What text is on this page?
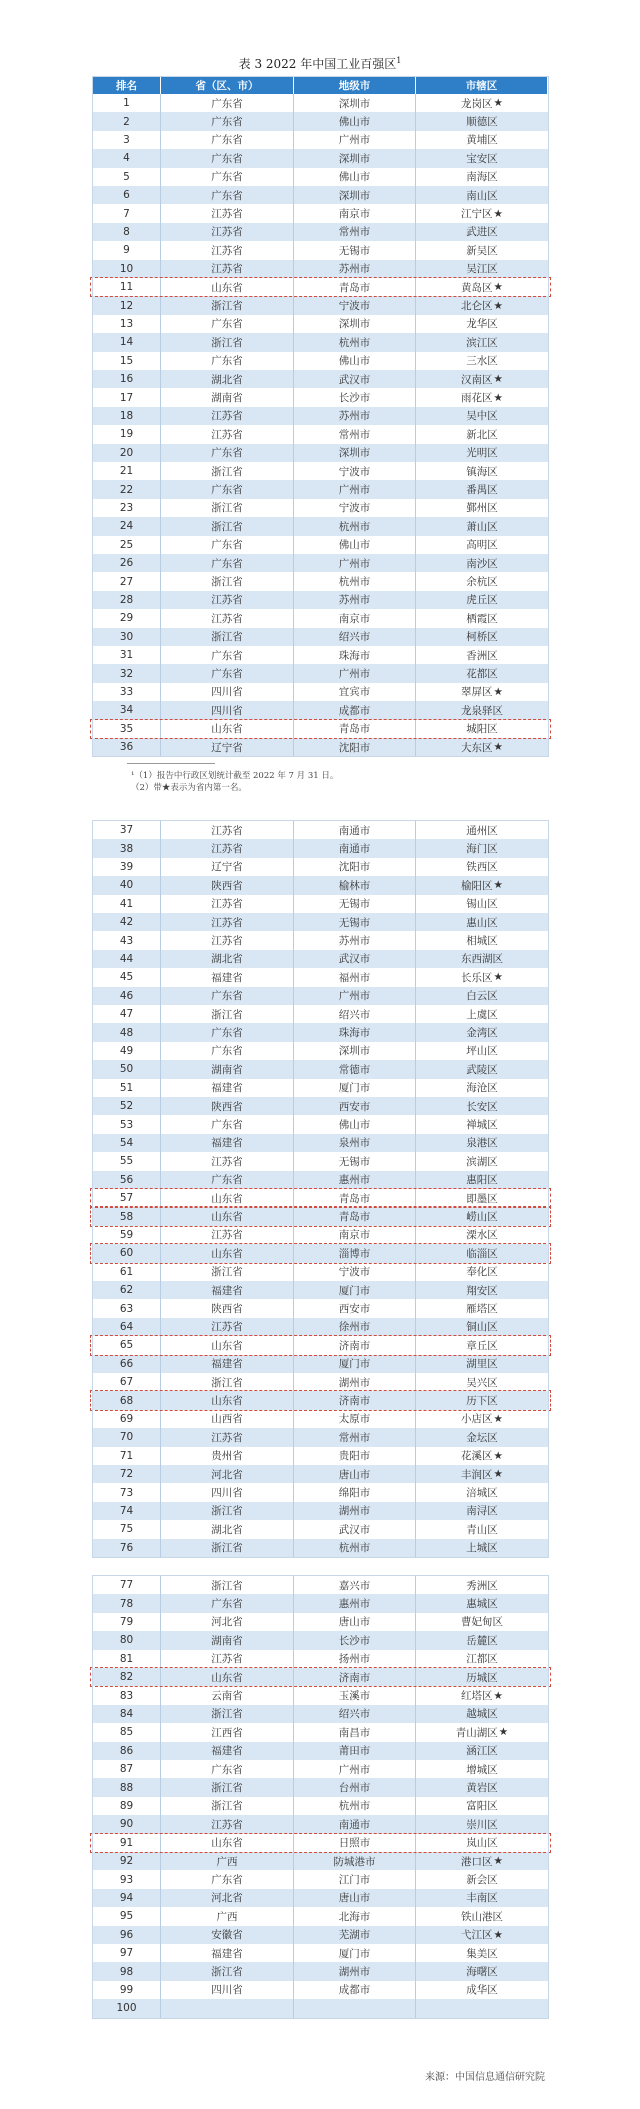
表 3 2022 年中国工业百强区$^1$
排名	省（区、市）	地级市	市辖区
1	广东省	深圳市	龙岗区 ★
2	广东省	佛山市	顺德区
3	广东省	广州市	黄埔区
4	广东省	深圳市	宝安区
5	广东省	佛山市	南海区
6	广东省	深圳市	南山区
7	江苏省	南京市	江宁区 ★
8	江苏省	常州市	武进区
9	江苏省	无锡市	新吴区
10	江苏省	苏州市	吴江区
11	山东省	青岛市	黄岛区 ★
12	浙江省	宁波市	北仑区 ★
13	广东省	深圳市	龙华区
14	浙江省	杭州市	滨江区
15	广东省	佛山市	三水区
16	湖北省	武汉市	汉南区 ★
17	湖南省	长沙市	雨花区 ★
18	江苏省	苏州市	吴中区
19	江苏省	常州市	新北区
20	广东省	深圳市	光明区
21	浙江省	宁波市	镇海区
22	广东省	广州市	番禺区
23	浙江省	宁波市	鄞州区
24	浙江省	杭州市	萧山区
25	广东省	佛山市	高明区
26	广东省	广州市	南沙区
27	浙江省	杭州市	余杭区
28	江苏省	苏州市	虎丘区
29	江苏省	南京市	栖霞区
30	浙江省	绍兴市	柯桥区
31	广东省	珠海市	香洲区
32	广东省	广州市	花都区
33	四川省	宜宾市	翠屏区 ★
34	四川省	成都市	龙泉驿区
35	山东省	青岛市	城阳区
36	辽宁省	沈阳市	大东区 ★
37	江苏省	南通市	通州区
38	江苏省	南通市	海门区
39	辽宁省	沈阳市	铁西区
40	陕西省	榆林市	榆阳区 ★
41	江苏省	无锡市	锡山区
42	江苏省	无锡市	惠山区
43	江苏省	苏州市	相城区
44	湖北省	武汉市	东西湖区
45	福建省	福州市	长乐区 ★
46	广东省	广州市	白云区
47	浙江省	绍兴市	上虞区
48	广东省	珠海市	金湾区
49	广东省	深圳市	坪山区
50	湖南省	常德市	武陵区
51	福建省	厦门市	海沧区
52	陕西省	西安市	长安区
53	广东省	佛山市	禅城区
54	福建省	泉州市	泉港区
55	江苏省	无锡市	滨湖区
56	广东省	惠州市	惠阳区
57	山东省	青岛市	即墨区
58	山东省	青岛市	崂山区
59	江苏省	南京市	溧水区
60	山东省	淄博市	临淄区
61	浙江省	宁波市	奉化区
62	福建省	厦门市	翔安区
63	陕西省	西安市	雁塔区
64	江苏省	徐州市	铜山区
65	山东省	济南市	章丘区
66	福建省	厦门市	湖里区
67	浙江省	湖州市	吴兴区
68	山东省	济南市	历下区
69	山西省	太原市	小店区 ★
70	江苏省	常州市	金坛区
71	贵州省	贵阳市	花溪区 ★
72	河北省	唐山市	丰润区 ★
73	四川省	绵阳市	涪城区
74	浙江省	湖州市	南浔区
75	湖北省	武汉市	青山区
76	浙江省	杭州市	上城区
77	浙江省	嘉兴市	秀洲区
78	广东省	惠州市	惠城区
79	河北省	唐山市	曹妃甸区
80	湖南省	长沙市	岳麓区
81	江苏省	扬州市	江都区
82	山东省	济南市	历城区
83	云南省	玉溪市	红塔区 ★
84	浙江省	绍兴市	越城区
85	江西省	南昌市	青山湖区 ★
86	福建省	莆田市	涵江区
87	广东省	广州市	增城区
88	浙江省	台州市	黄岩区
89	浙江省	杭州市	富阳区
90	江苏省	南通市	崇川区
91	山东省	日照市	岚山区
92	广西	防城港市	港口区 ★
93	广东省	江门市	新会区
94	河北省	唐山市	丰南区
95	广西	北海市	铁山港区
96	安徽省	芜湖市	弋江区 ★
97	福建省	厦门市	集美区
98	浙江省	湖州市	海曙区
99	四川省	成都市	成华区
100
¹（1）报告中行政区划统计截至 2022 年 7 月 31 日。
（2）带★表示为省内第一名。
来源：中国信息通信研究院
